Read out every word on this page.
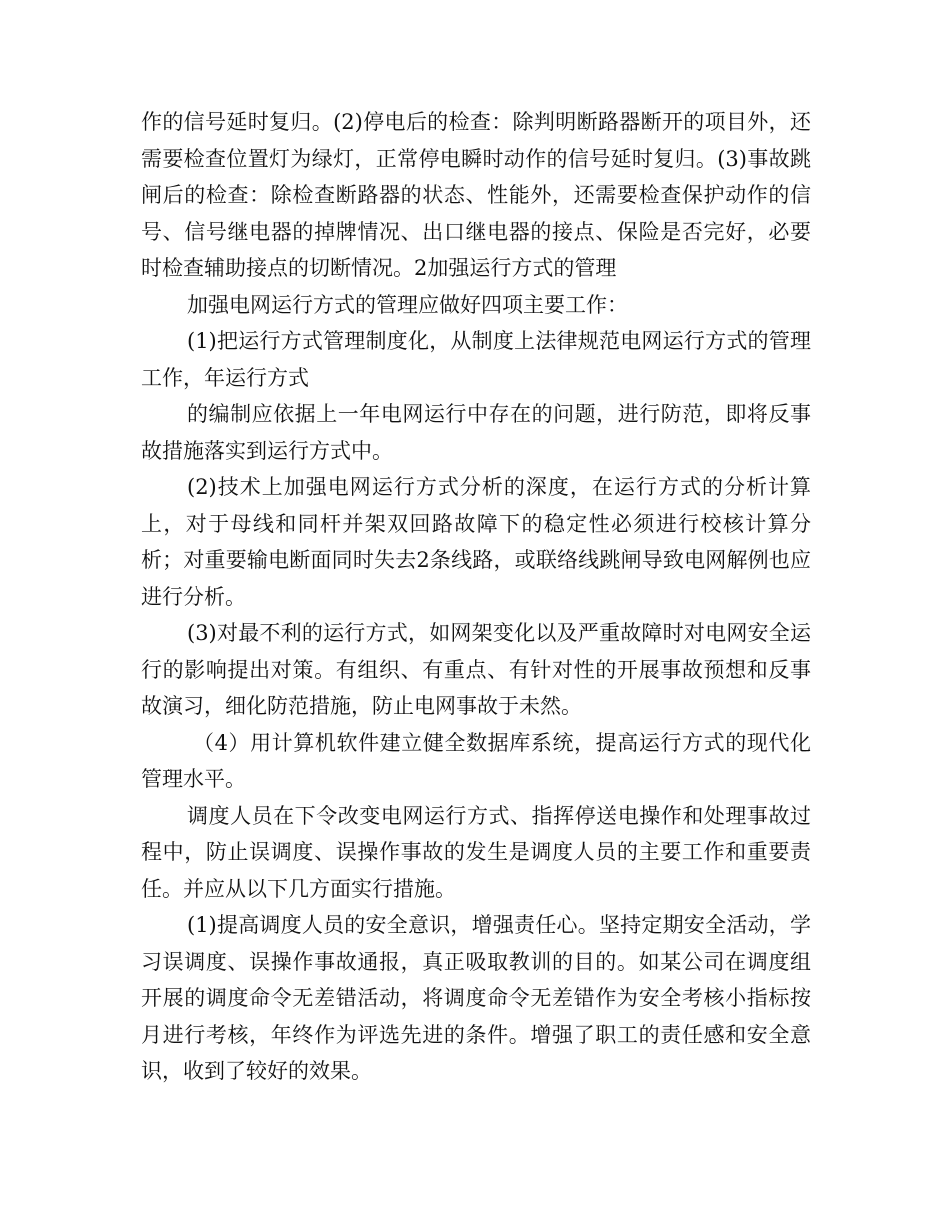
作的信号延时复归。(2)停电后的检查：除判明断路器断开的项目外，还需要检查位置灯为绿灯，正常停电瞬时动作的信号延时复归。(3)事故跳闸后的检查：除检查断路器的状态、性能外，还需要检查保护动作的信号、信号继电器的掉牌情况、出口继电器的接点、保险是否完好，必要时检查辅助接点的切断情况。2加强运行方式的管理

加强电网运行方式的管理应做好四项主要工作：

(1)把运行方式管理制度化，从制度上法律规范电网运行方式的管理工作，年运行方式

的编制应依据上一年电网运行中存在的问题，进行防范，即将反事故措施落实到运行方式中。

(2)技术上加强电网运行方式分析的深度，在运行方式的分析计算上，对于母线和同杆并架双回路故障下的稳定性必须进行校核计算分析；对重要输电断面同时失去2条线路，或联络线跳闸导致电网解例也应进行分析。

(3)对最不利的运行方式，如网架变化以及严重故障时对电网安全运行的影响提出对策。有组织、有重点、有针对性的开展事故预想和反事故演习，细化防范措施，防止电网事故于未然。

（4）用计算机软件建立健全数据库系统，提高运行方式的现代化管理水平。

调度人员在下令改变电网运行方式、指挥停送电操作和处理事故过程中，防止误调度、误操作事故的发生是调度人员的主要工作和重要责任。并应从以下几方面实行措施。

(1)提高调度人员的安全意识，增强责任心。坚持定期安全活动，学习误调度、误操作事故通报，真正吸取教训的目的。如某公司在调度组开展的调度命令无差错活动，将调度命令无差错作为安全考核小指标按月进行考核，年终作为评选先进的条件。增强了职工的责任感和安全意识，收到了较好的效果。
